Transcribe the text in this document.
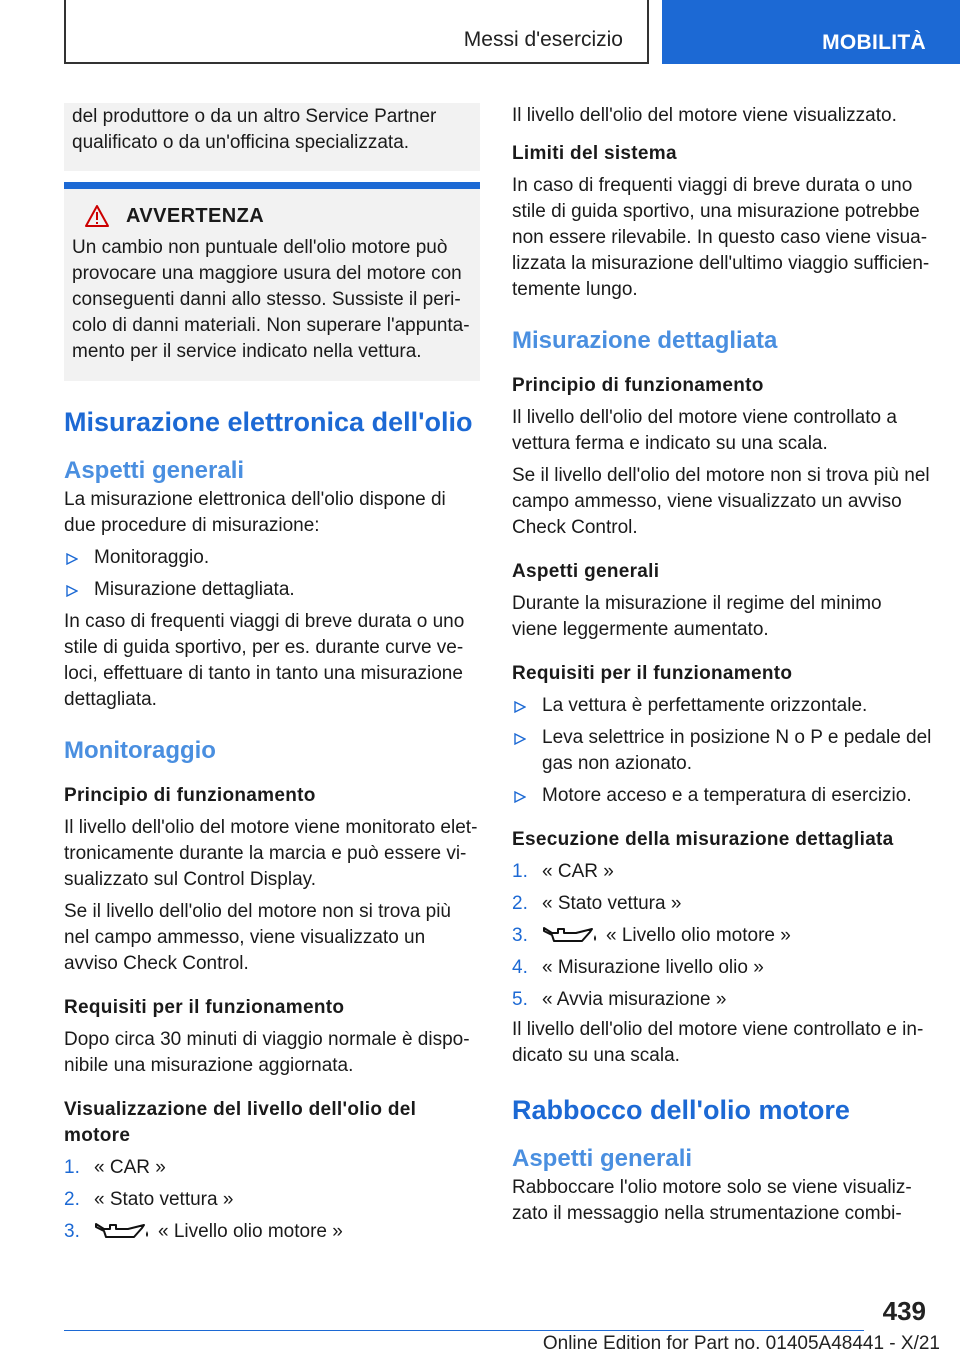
Messi d'esercizio	MOBILITÀ

del produttore o da un altro Service Partner qualificato o da un'officina specializzata.

AVVERTENZA

Un cambio non puntuale dell'olio motore può provocare una maggiore usura del motore con conseguenti danni allo stesso. Sussiste il pericolo di danni materiali. Non superare l'appuntamento per il service indicato nella vettura.

Misurazione elettronica dell'olio
Aspetti generali

La misurazione elettronica dell'olio dispone di due procedure di misurazione:

Monitoraggio.
Misurazione dettagliata.

In caso di frequenti viaggi di breve durata o uno stile di guida sportivo, per es. durante curve veloci, effettuare di tanto in tanto una misurazione dettagliata.

Monitoraggio
Principio di funzionamento

Il livello dell'olio del motore viene monitorato elettronicamente durante la marcia e può essere visualizzato sul Control Display.

Se il livello dell'olio del motore non si trova più nel campo ammesso, viene visualizzato un avviso Check Control.

Requisiti per il funzionamento

Dopo circa 30 minuti di viaggio normale è disponibile una misurazione aggiornata.

Visualizzazione del livello dell'olio del motore
1. « CAR »
2. « Stato vettura »
3.	« Livello olio motore »

Il livello dell'olio del motore viene visualizzato.

Limiti del sistema

In caso di frequenti viaggi di breve durata o uno stile di guida sportivo, una misurazione potrebbe non essere rilevabile. In questo caso viene visualizzata la misurazione dell'ultimo viaggio sufficientemente lungo.

Misurazione dettagliata
Principio di funzionamento

Il livello dell'olio del motore viene controllato a vettura ferma e indicato su una scala.

Se il livello dell'olio del motore non si trova più nel campo ammesso, viene visualizzato un avviso Check Control.

Aspetti generali

Durante la misurazione il regime del minimo viene leggermente aumentato.

Requisiti per il funzionamento
La vettura è perfettamente orizzontale.
Leva selettrice in posizione N o P e pedale del gas non azionato.
Motore acceso e a temperatura di esercizio.
Esecuzione della misurazione dettagliata
1. « CAR »
2. « Stato vettura »
3.	« Livello olio motore »
4. « Misurazione livello olio »
5. « Avvia misurazione »

Il livello dell'olio del motore viene controllato e indicato su una scala.

Rabbocco dell'olio motore
Aspetti generali

Rabboccare l'olio motore solo se viene visualizzato il messaggio nella strumentazione combi-

439
Online Edition for Part no. 01405A48441 - X/21
